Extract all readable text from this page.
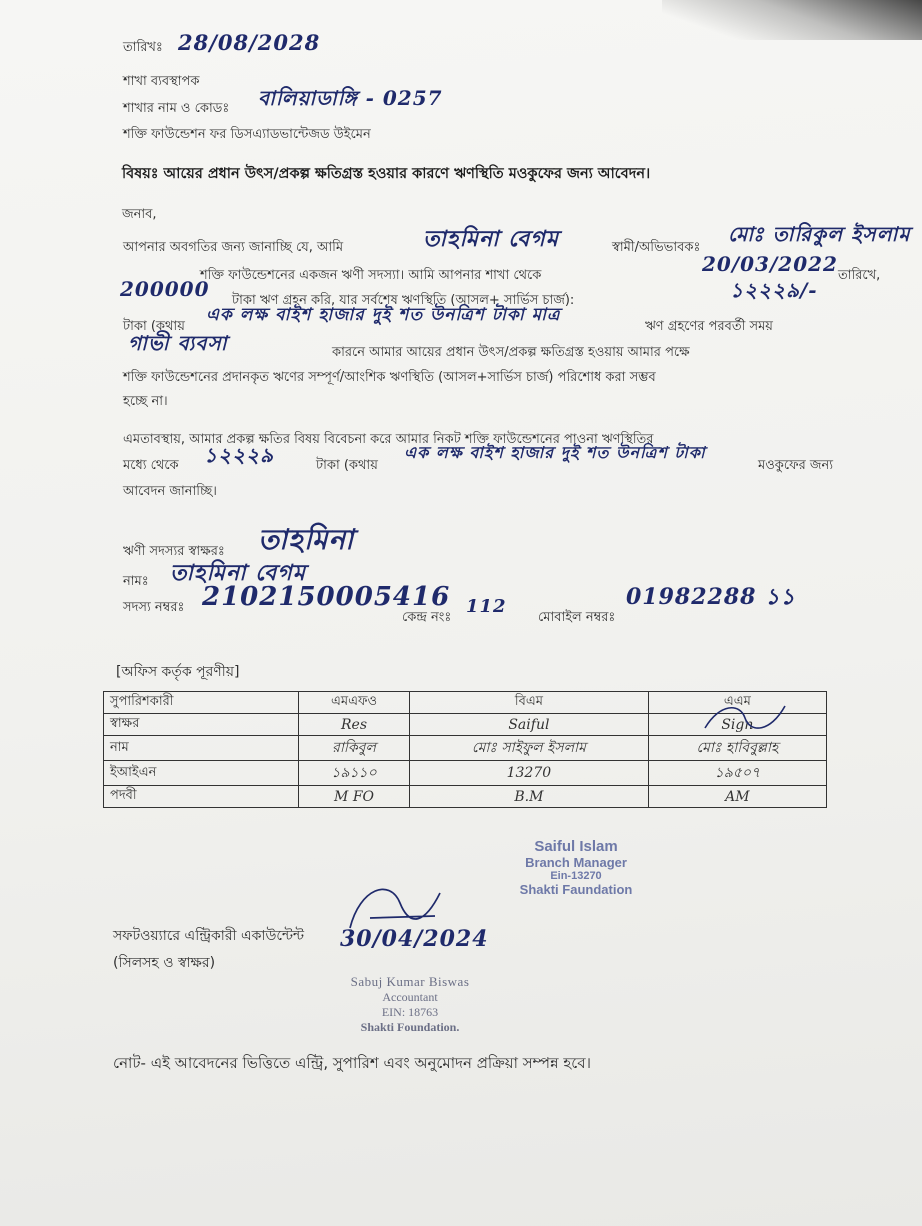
তারিখঃ 28/08/2028
শাখা ব্যবস্থাপক
শাখার নাম ও কোডঃ বালিয়াডাঙ্গি - 0257
শক্তি ফাউন্ডেশন ফর ডিসএ্যাডভান্টেজড উইমেন
বিষয়ঃ আয়ের প্রধান উৎস/প্রকল্প ক্ষতিগ্রস্ত হওয়ার কারণে ঋণস্থিতি মওকুফের জন্য আবেদন।
জনাব,
আপনার অবগতির জন্য জানাচ্ছি যে, আমি	তাহমিনা বেগম	স্বামী/অভিভাবকঃ
মোঃ তারিকুল ইসলাম
শক্তি ফাউন্ডেশনের একজন ঋণী সদস্যা। আমি আপনার শাখা থেকে	20/03/2022 তারিখে,
200000 টাকা ঋণ গ্রহন করি, যার সর্বশেষ ঋণস্থিতি (আসল+ সার্ভিস চার্জ):	১২২২৯/-
টাকা (কথায়
এক লক্ষ বাইশ হাজার দুই শত উনত্রিশ টাকা মাত্র
ঋণ গ্রহণের পরবর্তী সময়
গাভী ব্যবসা	কারনে আমার আয়ের প্রধান উৎস/প্রকল্প ক্ষতিগ্রস্ত হওয়ায় আমার পক্ষে
শক্তি ফাউন্ডেশনের প্রদানকৃত ঋণের সম্পূর্ণ/আংশিক ঋণস্থিতি (আসল+সার্ভিস চার্জ) পরিশোধ করা সম্ভব
হচ্ছে না।
এমতাবস্থায়, আমার প্রকল্প ক্ষতির বিষয় বিবেচনা করে আমার নিকট শক্তি ফাউন্ডেশনের পাওনা ঋণস্থিতির
মধ্যে থেকে ১২২২৯	টাকা (কথায়
এক লক্ষ বাইশ হাজার দুই শত উনত্রিশ টাকা
মওকুফের জন্য
আবেদন জানাচ্ছি।
ঋণী সদস্যর স্বাক্ষরঃ তাহমিনা
নামঃ তাহমিনা বেগম
সদস্য নম্বরঃ 2102150005416
কেন্দ্র নংঃ
112
মোবাইল নম্বরঃ
01982288 ১১
[অফিস কর্তৃক পূরণীয়]
সুপারিশকারী	এমএফও	বিএম	এএম
স্বাক্ষর	Res	Saiful	Sign
নাম	রাকিবুল	মোঃ সাইফুল ইসলাম	মোঃ হাবিবুল্লাহ
ইআইএন	১৯১১০	13270	১৯৫০৭
পদবী	M FO	B.M	AM
Saiful Islam
Branch Manager
Ein-13270
Shakti Faundation
সফটওয়্যারে এন্ট্রিকারী একাউন্টেন্ট
(সিলসহ ও স্বাক্ষর)
30/04/2024
Sabuj Kumar Biswas
Accountant
EIN: 18763
Shakti Foundation.
নোট- এই আবেদনের ভিত্তিতে এন্ট্রি, সুপারিশ এবং অনুমোদন প্রক্রিয়া সম্পন্ন হবে।
